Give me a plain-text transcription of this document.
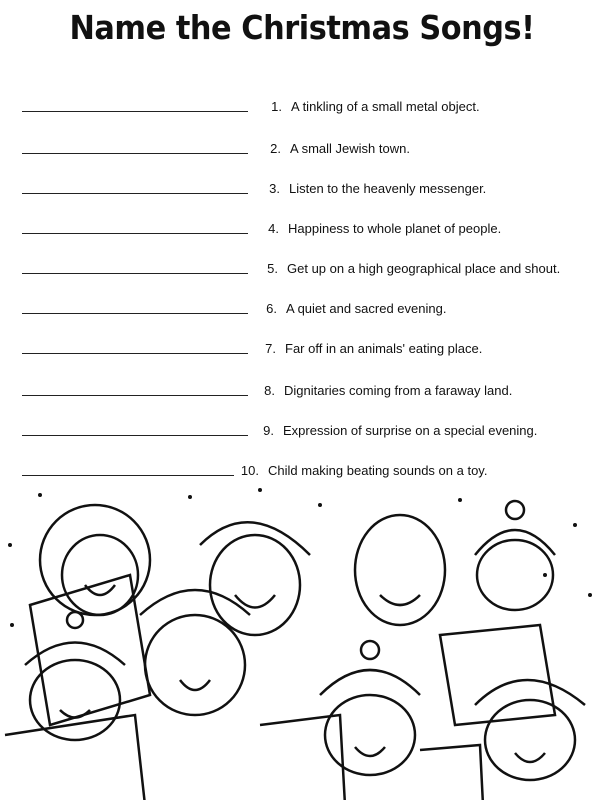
Name the Christmas Songs!
1. A tinkling of a small metal object.
2. A small Jewish town.
3. Listen to the heavenly messenger.
4. Happiness to whole planet of people.
5. Get up on a high geographical place and shout.
6. A quiet and sacred evening.
7. Far off in an animals' eating place.
8. Dignitaries coming from a faraway land.
9. Expression of surprise on a special evening.
10. Child making beating sounds on a toy.
